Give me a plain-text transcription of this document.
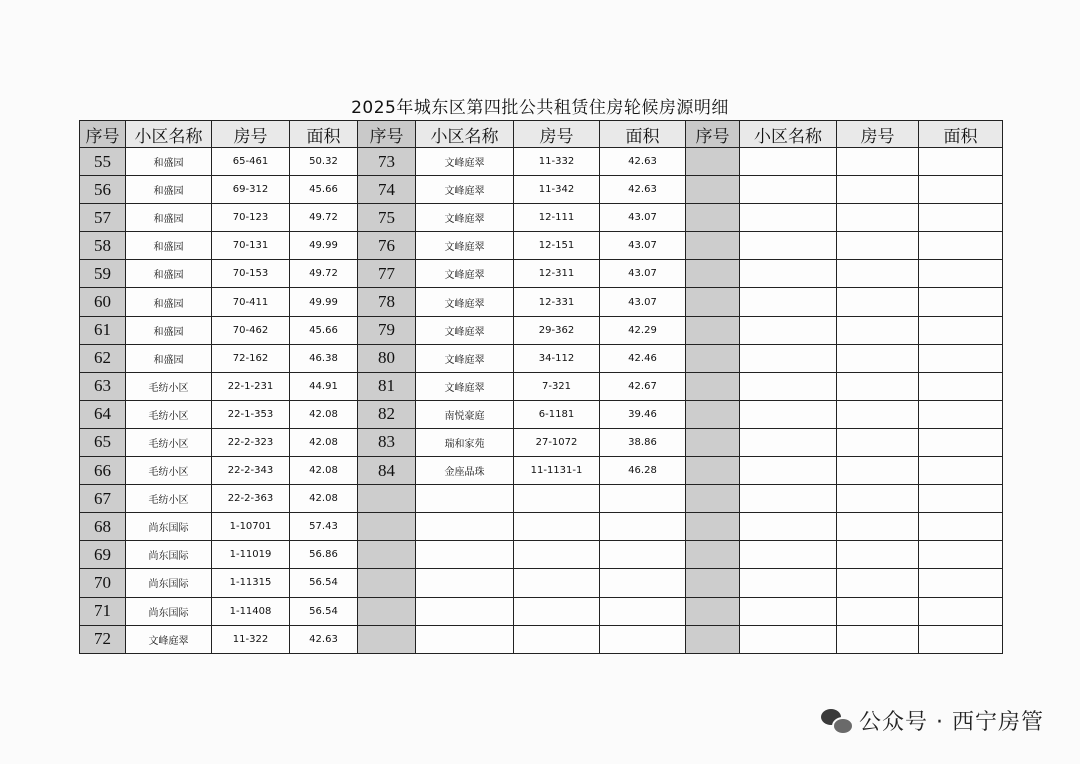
2025年城东区第四批公共租赁住房轮候房源明细
序号	小区名称	房号	面积	序号	小区名称	房号	面积	序号	小区名称	房号	面积
55	和盛园	65-461	50.32	73	文峰庭翠	11-332	42.63				
56	和盛园	69-312	45.66	74	文峰庭翠	11-342	42.63				
57	和盛园	70-123	49.72	75	文峰庭翠	12-111	43.07				
58	和盛园	70-131	49.99	76	文峰庭翠	12-151	43.07				
59	和盛园	70-153	49.72	77	文峰庭翠	12-311	43.07				
60	和盛园	70-411	49.99	78	文峰庭翠	12-331	43.07				
61	和盛园	70-462	45.66	79	文峰庭翠	29-362	42.29				
62	和盛园	72-162	46.38	80	文峰庭翠	34-112	42.46				
63	毛纺小区	22-1-231	44.91	81	文峰庭翠	7-321	42.67				
64	毛纺小区	22-1-353	42.08	82	南悦豪庭	6-1181	39.46				
65	毛纺小区	22-2-323	42.08	83	瑞和家苑	27-1072	38.86				
66	毛纺小区	22-2-343	42.08	84	金座晶珠	11-1131-1	46.28				
67	毛纺小区	22-2-363	42.08								
68	尚东国际	1-10701	57.43								
69	尚东国际	1-11019	56.86								
70	尚东国际	1-11315	56.54								
71	尚东国际	1-11408	56.54								
72	文峰庭翠	11-322	42.63								
公众号 · 西宁房管
